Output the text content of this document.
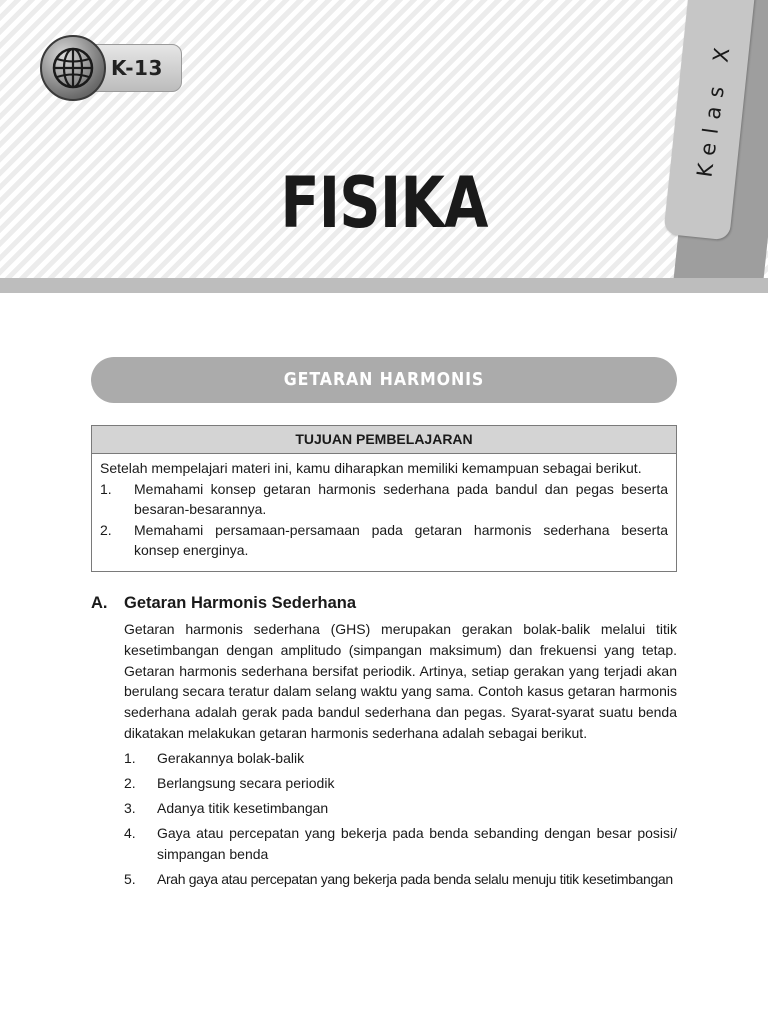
Kelas X
K-13
FISIKA
GETARAN HARMONIS
TUJUAN PEMBELAJARAN
Setelah mempelajari materi ini, kamu diharapkan memiliki kemampuan sebagai berikut.
1. Memahami konsep getaran harmonis sederhana pada bandul dan pegas beserta besaran-besarannya.
2. Memahami persamaan-persamaan pada getaran harmonis sederhana beserta konsep energinya.
A. Getaran Harmonis Sederhana
Getaran harmonis sederhana (GHS) merupakan gerakan bolak-balik melalui titik kesetimbangan dengan amplitudo (simpangan maksimum) dan frekuensi yang tetap. Getaran harmonis sederhana bersifat periodik. Artinya, setiap gerakan yang terjadi akan berulang secara teratur dalam selang waktu yang sama. Contoh kasus getaran harmonis sederhana adalah gerak pada bandul sederhana dan pegas. Syarat-syarat suatu benda dikatakan melakukan getaran harmonis sederhana adalah sebagai berikut.
1. Gerakannya bolak-balik
2. Berlangsung secara periodik
3. Adanya titik kesetimbangan
4. Gaya atau percepatan yang bekerja pada benda sebanding dengan besar posisi/ simpangan benda
5. Arah gaya atau percepatan yang bekerja pada benda selalu menuju titik kesetimbangan
